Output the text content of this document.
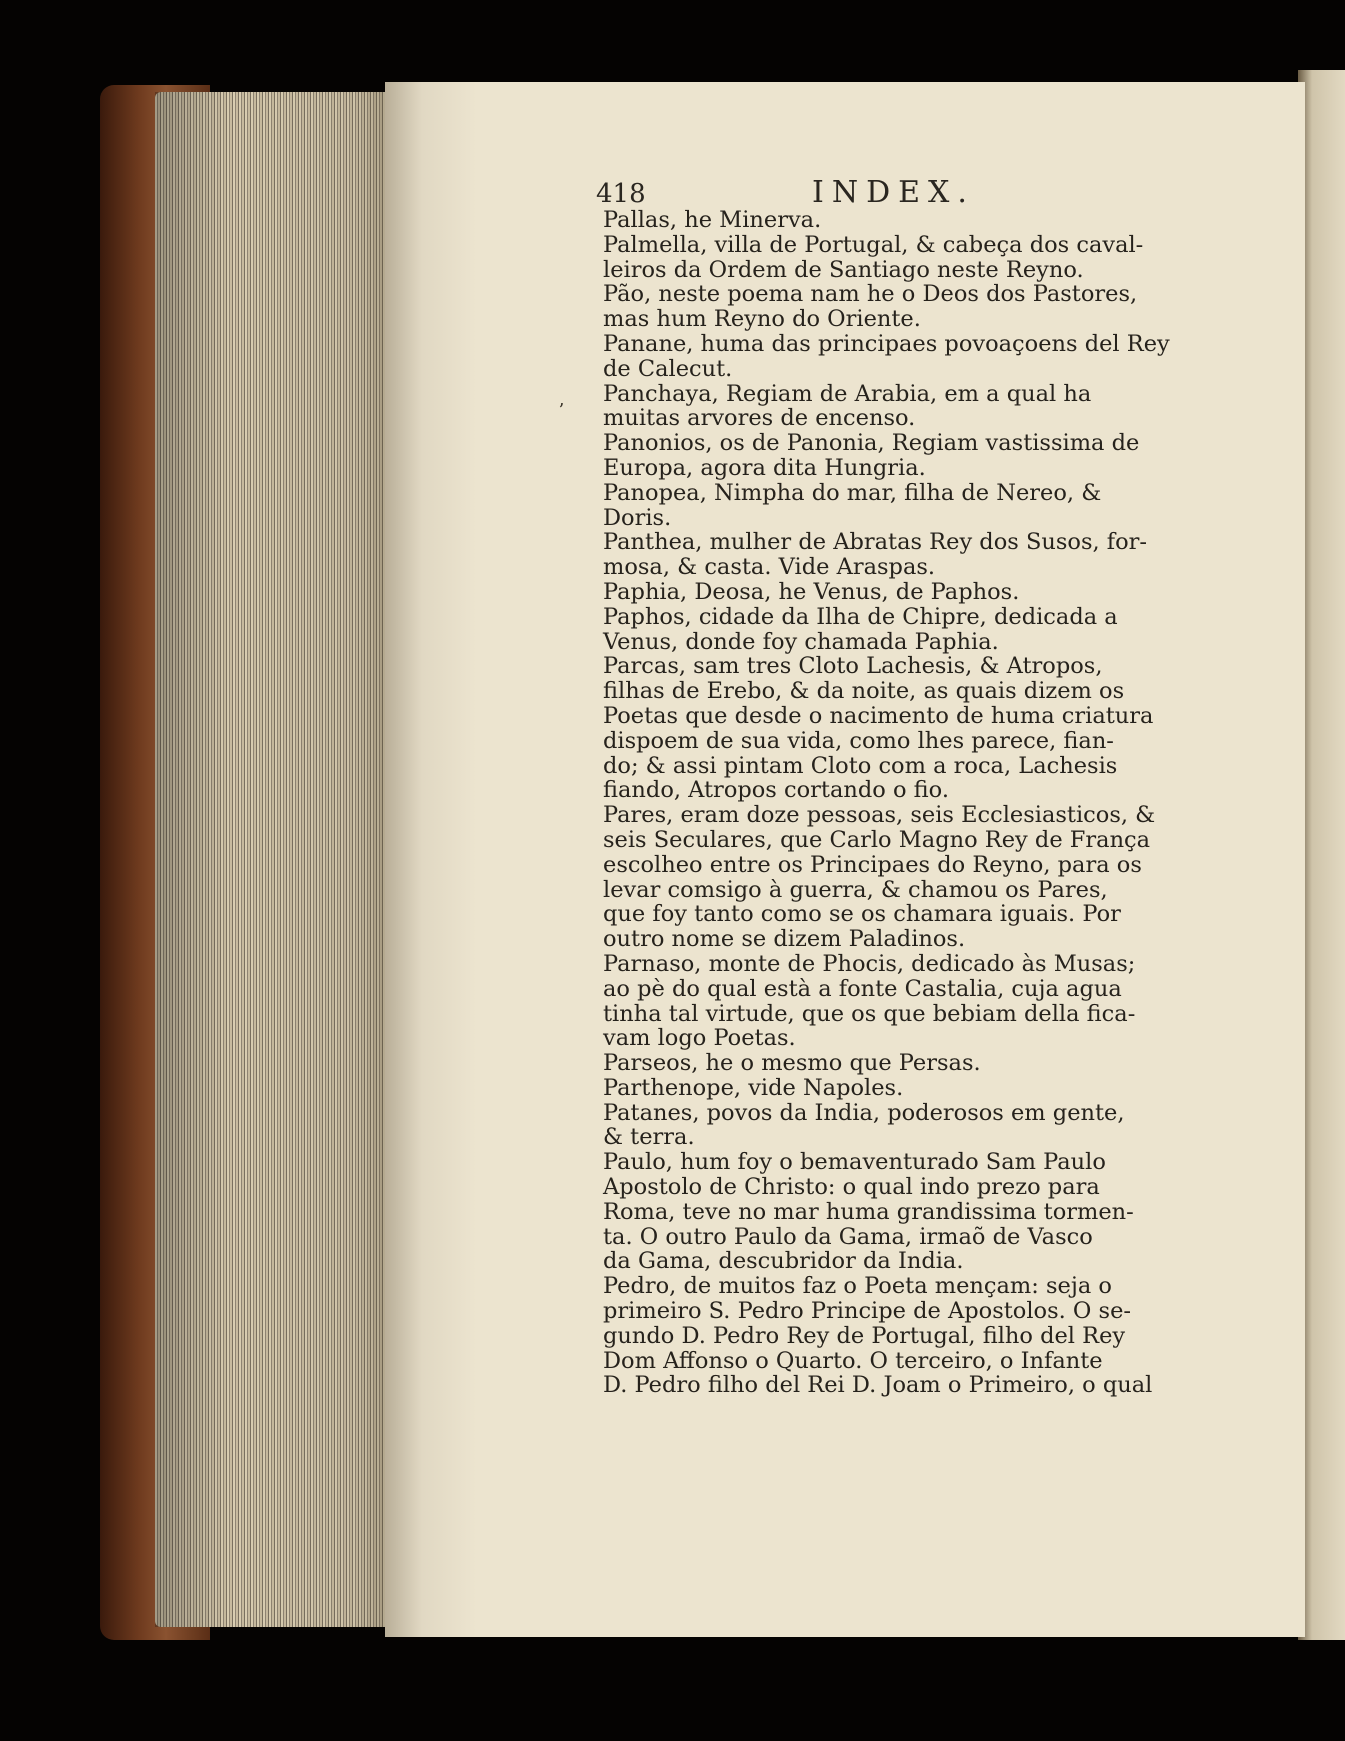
418	INDEX.
ʼ
Pallas, he Minerva.
Palmella, villa de Portugal, & cabeça dos caval-
leiros da Ordem de Santiago neste Reyno.
Pão, neste poema nam he o Deos dos Pastores,
mas hum Reyno do Oriente.
Panane, huma das principaes povoaçoens del Rey
de Calecut.
Panchaya, Regiam de Arabia, em a qual ha
muitas arvores de encenso.
Panonios, os de Panonia, Regiam vastissima de
Europa, agora dita Hungria.
Panopea, Nimpha do mar, filha de Nereo, &
Doris.
Panthea, mulher de Abratas Rey dos Susos, for-
mosa, & casta. Vide Araspas.
Paphia, Deosa, he Venus, de Paphos.
Paphos, cidade da Ilha de Chipre, dedicada a
Venus, donde foy chamada Paphia.
Parcas, sam tres Cloto Lachesis, & Atropos,
filhas de Erebo, & da noite, as quais dizem os
Poetas que desde o nacimento de huma criatura
dispoem de sua vida, como lhes parece, fian-
do; & assi pintam Cloto com a roca, Lachesis
fiando, Atropos cortando o fio.
Pares, eram doze pessoas, seis Ecclesiasticos, &
seis Seculares, que Carlo Magno Rey de França
escolheo entre os Principaes do Reyno, para os
levar comsigo à guerra, & chamou os Pares,
que foy tanto como se os chamara iguais. Por
outro nome se dizem Paladinos.
Parnaso, monte de Phocis, dedicado às Musas;
ao pè do qual està a fonte Castalia, cuja agua
tinha tal virtude, que os que bebiam della fica-
vam logo Poetas.
Parseos, he o mesmo que Persas.
Parthenope, vide Napoles.
Patanes, povos da India, poderosos em gente,
& terra.
Paulo, hum foy o bemaventurado Sam Paulo
Apostolo de Christo: o qual indo prezo para
Roma, teve no mar huma grandissima tormen-
ta. O outro Paulo da Gama, irmaõ de Vasco
da Gama, descubridor da India.
Pedro, de muitos faz o Poeta mençam: seja o
primeiro S. Pedro Principe de Apostolos. O se-
gundo D. Pedro Rey de Portugal, filho del Rey
Dom Affonso o Quarto. O terceiro, o Infante
D. Pedro filho del Rei D. Joam o Primeiro, o qual
